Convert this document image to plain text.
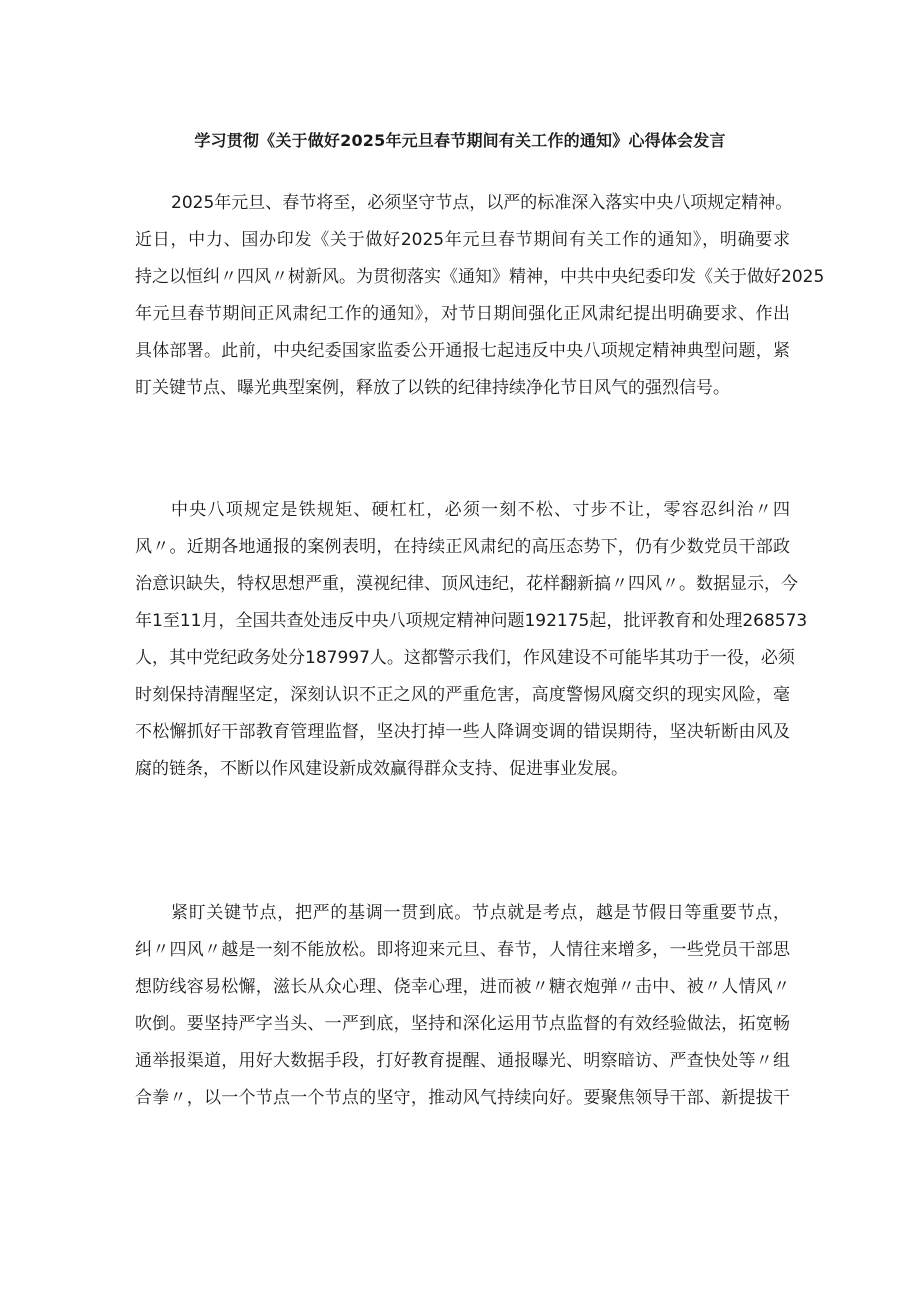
学习贯彻《关于做好2025年元旦春节期间有关工作的通知》心得体会发言
2025年元旦、春节将至，必须坚守节点，以严的标准深入落实中央八项规定精神。
近日，中力、国办印发《关于做好2025年元旦春节期间有关工作的通知》，明确要求
持之以恒纠〃四风〃树新风。为贯彻落实《通知》精神，中共中央纪委印发《关于做好2025
年元旦春节期间正风肃纪工作的通知》，对节日期间强化正风肃纪提出明确要求、作出
具体部署。此前，中央纪委国家监委公开通报七起违反中央八项规定精神典型问题，紧
盯关键节点、曝光典型案例，释放了以铁的纪律持续净化节日风气的强烈信号。
中央八项规定是铁规矩、硬杠杠，必须一刻不松、寸步不让，零容忍纠治〃四
风〃。近期各地通报的案例表明，在持续正风肃纪的高压态势下，仍有少数党员干部政
治意识缺失，特权思想严重，漠视纪律、顶风违纪，花样翻新搞〃四风〃。数据显示，今
年1至11月，全国共查处违反中央八项规定精神问题192175起，批评教育和处理268573
人，其中党纪政务处分187997人。这都警示我们，作风建设不可能毕其功于一役，必须
时刻保持清醒坚定，深刻认识不正之风的严重危害，高度警惕风腐交织的现实风险，毫
不松懈抓好干部教育管理监督，坚决打掉一些人降调变调的错误期待，坚决斩断由风及
腐的链条，不断以作风建设新成效赢得群众支持、促进事业发展。
紧盯关键节点，把严的基调一贯到底。节点就是考点，越是节假日等重要节点，
纠〃四风〃越是一刻不能放松。即将迎来元旦、春节，人情往来增多，一些党员干部思
想防线容易松懈，滋长从众心理、侥幸心理，进而被〃糖衣炮弹〃击中、被〃人情风〃
吹倒。要坚持严字当头、一严到底，坚持和深化运用节点监督的有效经验做法，拓宽畅
通举报渠道，用好大数据手段，打好教育提醒、通报曝光、明察暗访、严查快处等〃组
合拳〃，以一个节点一个节点的坚守，推动风气持续向好。要聚焦领导干部、新提拔干
